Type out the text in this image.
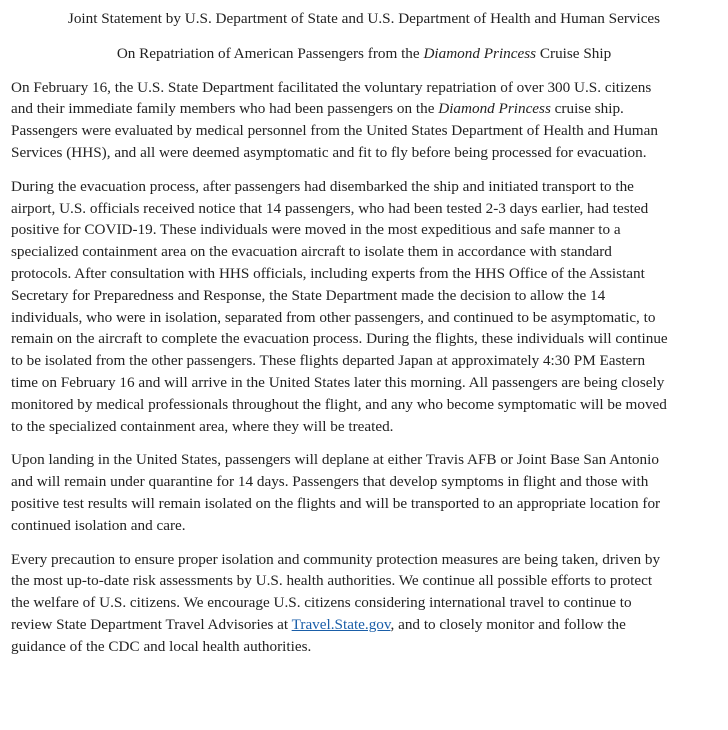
Joint Statement by U.S. Department of State and U.S. Department of Health and Human Services

On Repatriation of American Passengers from the Diamond Princess Cruise Ship

On February 16, the U.S. State Department facilitated the voluntary repatriation of over 300 U.S. citizens
and their immediate family members who had been passengers on the Diamond Princess cruise ship.
Passengers were evaluated by medical personnel from the United States Department of Health and Human
Services (HHS), and all were deemed asymptomatic and fit to fly before being processed for evacuation.
During the evacuation process, after passengers had disembarked the ship and initiated transport to the
airport, U.S. officials received notice that 14 passengers, who had been tested 2-3 days earlier, had tested
positive for COVID-19. These individuals were moved in the most expeditious and safe manner to a
specialized containment area on the evacuation aircraft to isolate them in accordance with standard
protocols. After consultation with HHS officials, including experts from the HHS Office of the Assistant
Secretary for Preparedness and Response, the State Department made the decision to allow the 14
individuals, who were in isolation, separated from other passengers, and continued to be asymptomatic, to
remain on the aircraft to complete the evacuation process. During the flights, these individuals will continue
to be isolated from the other passengers. These flights departed Japan at approximately 4:30 PM Eastern
time on February 16 and will arrive in the United States later this morning. All passengers are being closely
monitored by medical professionals throughout the flight, and any who become symptomatic will be moved
to the specialized containment area, where they will be treated.
Upon landing in the United States, passengers will deplane at either Travis AFB or Joint Base San Antonio
and will remain under quarantine for 14 days. Passengers that develop symptoms in flight and those with
positive test results will remain isolated on the flights and will be transported to an appropriate location for
continued isolation and care.
Every precaution to ensure proper isolation and community protection measures are being taken, driven by
the most up-to-date risk assessments by U.S. health authorities. We continue all possible efforts to protect
the welfare of U.S. citizens. We encourage U.S. citizens considering international travel to continue to
review State Department Travel Advisories at Travel.State.gov, and to closely monitor and follow the
guidance of the CDC and local health authorities.
